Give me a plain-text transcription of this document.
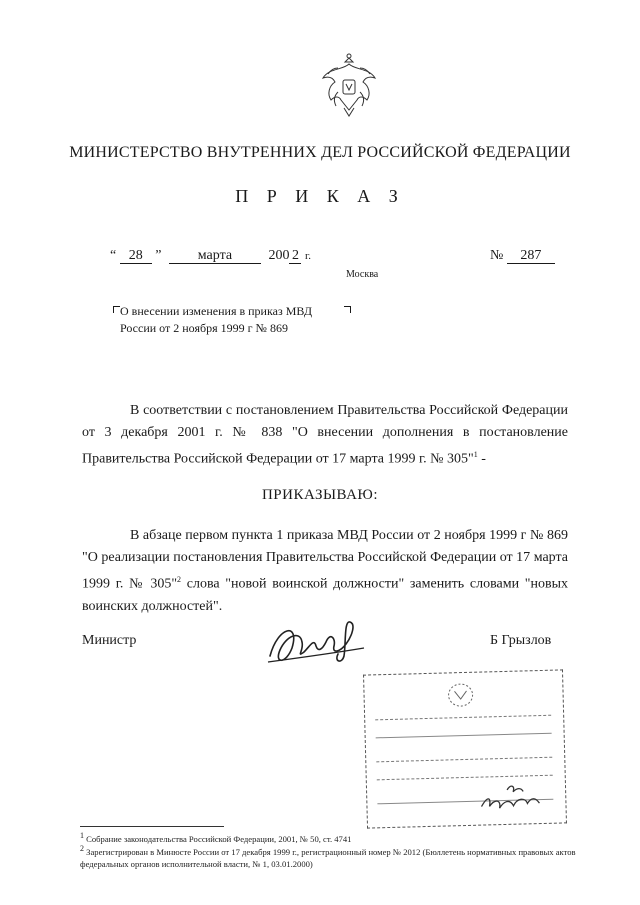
МИНИСТЕРСТВО ВНУТРЕННИХ ДЕЛ РОССИЙСКОЙ ФЕДЕРАЦИИ
П Р И К А З
“ 28 ”	марта	200 2 г.	№ 287
Москва
О внесении изменения в приказ МВД
России от 2 ноября 1999 г № 869
В соответствии с постановлением Правительства Российской Федерации от 3 декабря 2001 г. № 838 "О внесении дополнения в постановление Правительства Российской Федерации от 17 марта 1999 г. № 305"$^1$ -
ПРИКАЗЫВАЮ:
В абзаце первом пункта 1 приказа МВД России от 2 ноября 1999 г № 869 "О реализации постановления Правительства Российской Федерации от 17 марта 1999 г. № 305"$^2$ слова "новой воинской должности" заменить словами "новых воинских должностей".
Министр	Б Грызлов
$^1$ Собрание законодательства Российской Федерации, 2001, № 50, ст. 4741
$^2$ Зарегистрирован в Минюсте России от 17 декабря 1999 г., регистрационный номер № 2012 (Бюллетень нормативных правовых актов федеральных органов исполнительной власти, № 1, 03.01.2000)
